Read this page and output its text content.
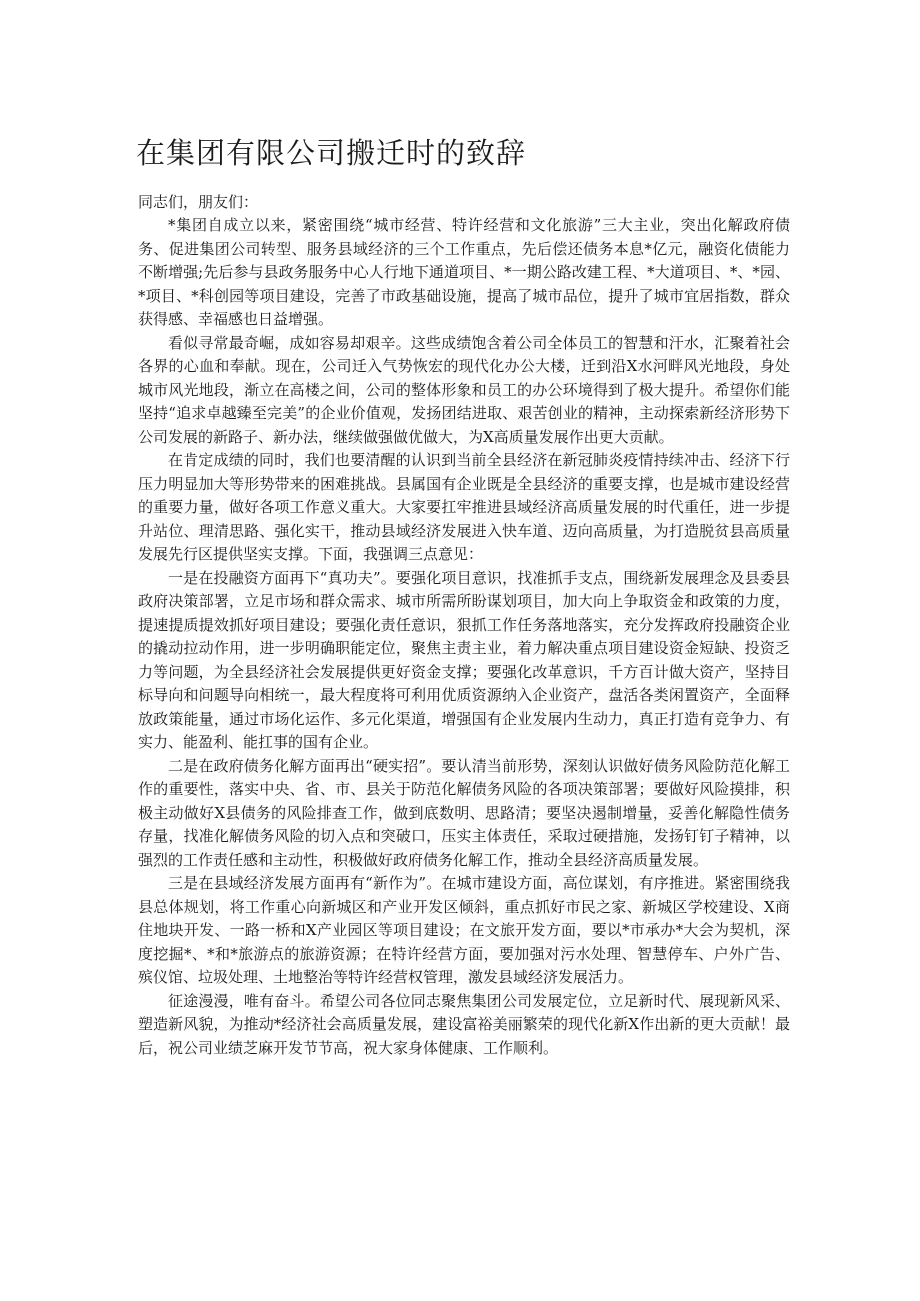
在集团有限公司搬迁时的致辞

同志们，朋友们：

*集团自成立以来，紧密围绕“城市经营、特许经营和文化旅游”三大主业，突出化解政府债务、促进集团公司转型、服务县域经济的三个工作重点，先后偿还债务本息*亿元，融资化债能力不断增强;先后参与县政务服务中心人行地下通道项目、*一期公路改建工程、*大道项目、*、*园、*项目、*科创园等项目建设，完善了市政基础设施，提高了城市品位，提升了城市宜居指数，群众获得感、幸福感也日益增强。

看似寻常最奇崛，成如容易却艰辛。这些成绩饱含着公司全体员工的智慧和汗水，汇聚着社会各界的心血和奉献。现在，公司迁入气势恢宏的现代化办公大楼，迁到沿X水河畔风光地段，身处城市风光地段，渐立在高楼之间，公司的整体形象和员工的办公环境得到了极大提升。希望你们能坚持“追求卓越臻至完美”的企业价值观，发扬团结进取、艰苦创业的精神，主动探索新经济形势下公司发展的新路子、新办法，继续做强做优做大，为X高质量发展作出更大贡献。

在肯定成绩的同时，我们也要清醒的认识到当前全县经济在新冠肺炎疫情持续冲击、经济下行压力明显加大等形势带来的困难挑战。县属国有企业既是全县经济的重要支撑，也是城市建设经营的重要力量，做好各项工作意义重大。大家要扛牢推进县域经济高质量发展的时代重任，进一步提升站位、理清思路、强化实干，推动县域经济发展进入快车道、迈向高质量，为打造脱贫县高质量发展先行区提供坚实支撑。下面，我强调三点意见：

一是在投融资方面再下“真功夫”。要强化项目意识，找准抓手支点，围绕新发展理念及县委县政府决策部署，立足市场和群众需求、城市所需所盼谋划项目，加大向上争取资金和政策的力度，提速提质提效抓好项目建设；要强化责任意识，狠抓工作任务落地落实，充分发挥政府投融资企业的撬动拉动作用，进一步明确职能定位，聚焦主责主业，着力解决重点项目建设资金短缺、投资乏力等问题，为全县经济社会发展提供更好资金支撑；要强化改革意识，千方百计做大资产，坚持目标导向和问题导向相统一，最大程度将可利用优质资源纳入企业资产，盘活各类闲置资产，全面释放政策能量，通过市场化运作、多元化渠道，增强国有企业发展内生动力，真正打造有竞争力、有实力、能盈利、能扛事的国有企业。

二是在政府债务化解方面再出“硬实招”。要认清当前形势，深刻认识做好债务风险防范化解工作的重要性，落实中央、省、市、县关于防范化解债务风险的各项决策部署；要做好风险摸排，积极主动做好X县债务的风险排查工作，做到底数明、思路清；要坚决遏制增量，妥善化解隐性债务存量，找准化解债务风险的切入点和突破口，压实主体责任，采取过硬措施，发扬钉钉子精神，以强烈的工作责任感和主动性，积极做好政府债务化解工作，推动全县经济高质量发展。

三是在县域经济发展方面再有“新作为”。在城市建设方面，高位谋划，有序推进。紧密围绕我县总体规划，将工作重心向新城区和产业开发区倾斜，重点抓好市民之家、新城区学校建设、X商住地块开发、一路一桥和X产业园区等项目建设；在文旅开发方面，要以*市承办*大会为契机，深度挖掘*、*和*旅游点的旅游资源；在特许经营方面，要加强对污水处理、智慧停车、户外广告、殡仪馆、垃圾处理、土地整治等特许经营权管理，激发县域经济发展活力。

征途漫漫，唯有奋斗。希望公司各位同志聚焦集团公司发展定位，立足新时代、展现新风采、塑造新风貌，为推动*经济社会高质量发展，建设富裕美丽繁荣的现代化新X作出新的更大贡献！最后，祝公司业绩芝麻开发节节高，祝大家身体健康、工作顺利。
